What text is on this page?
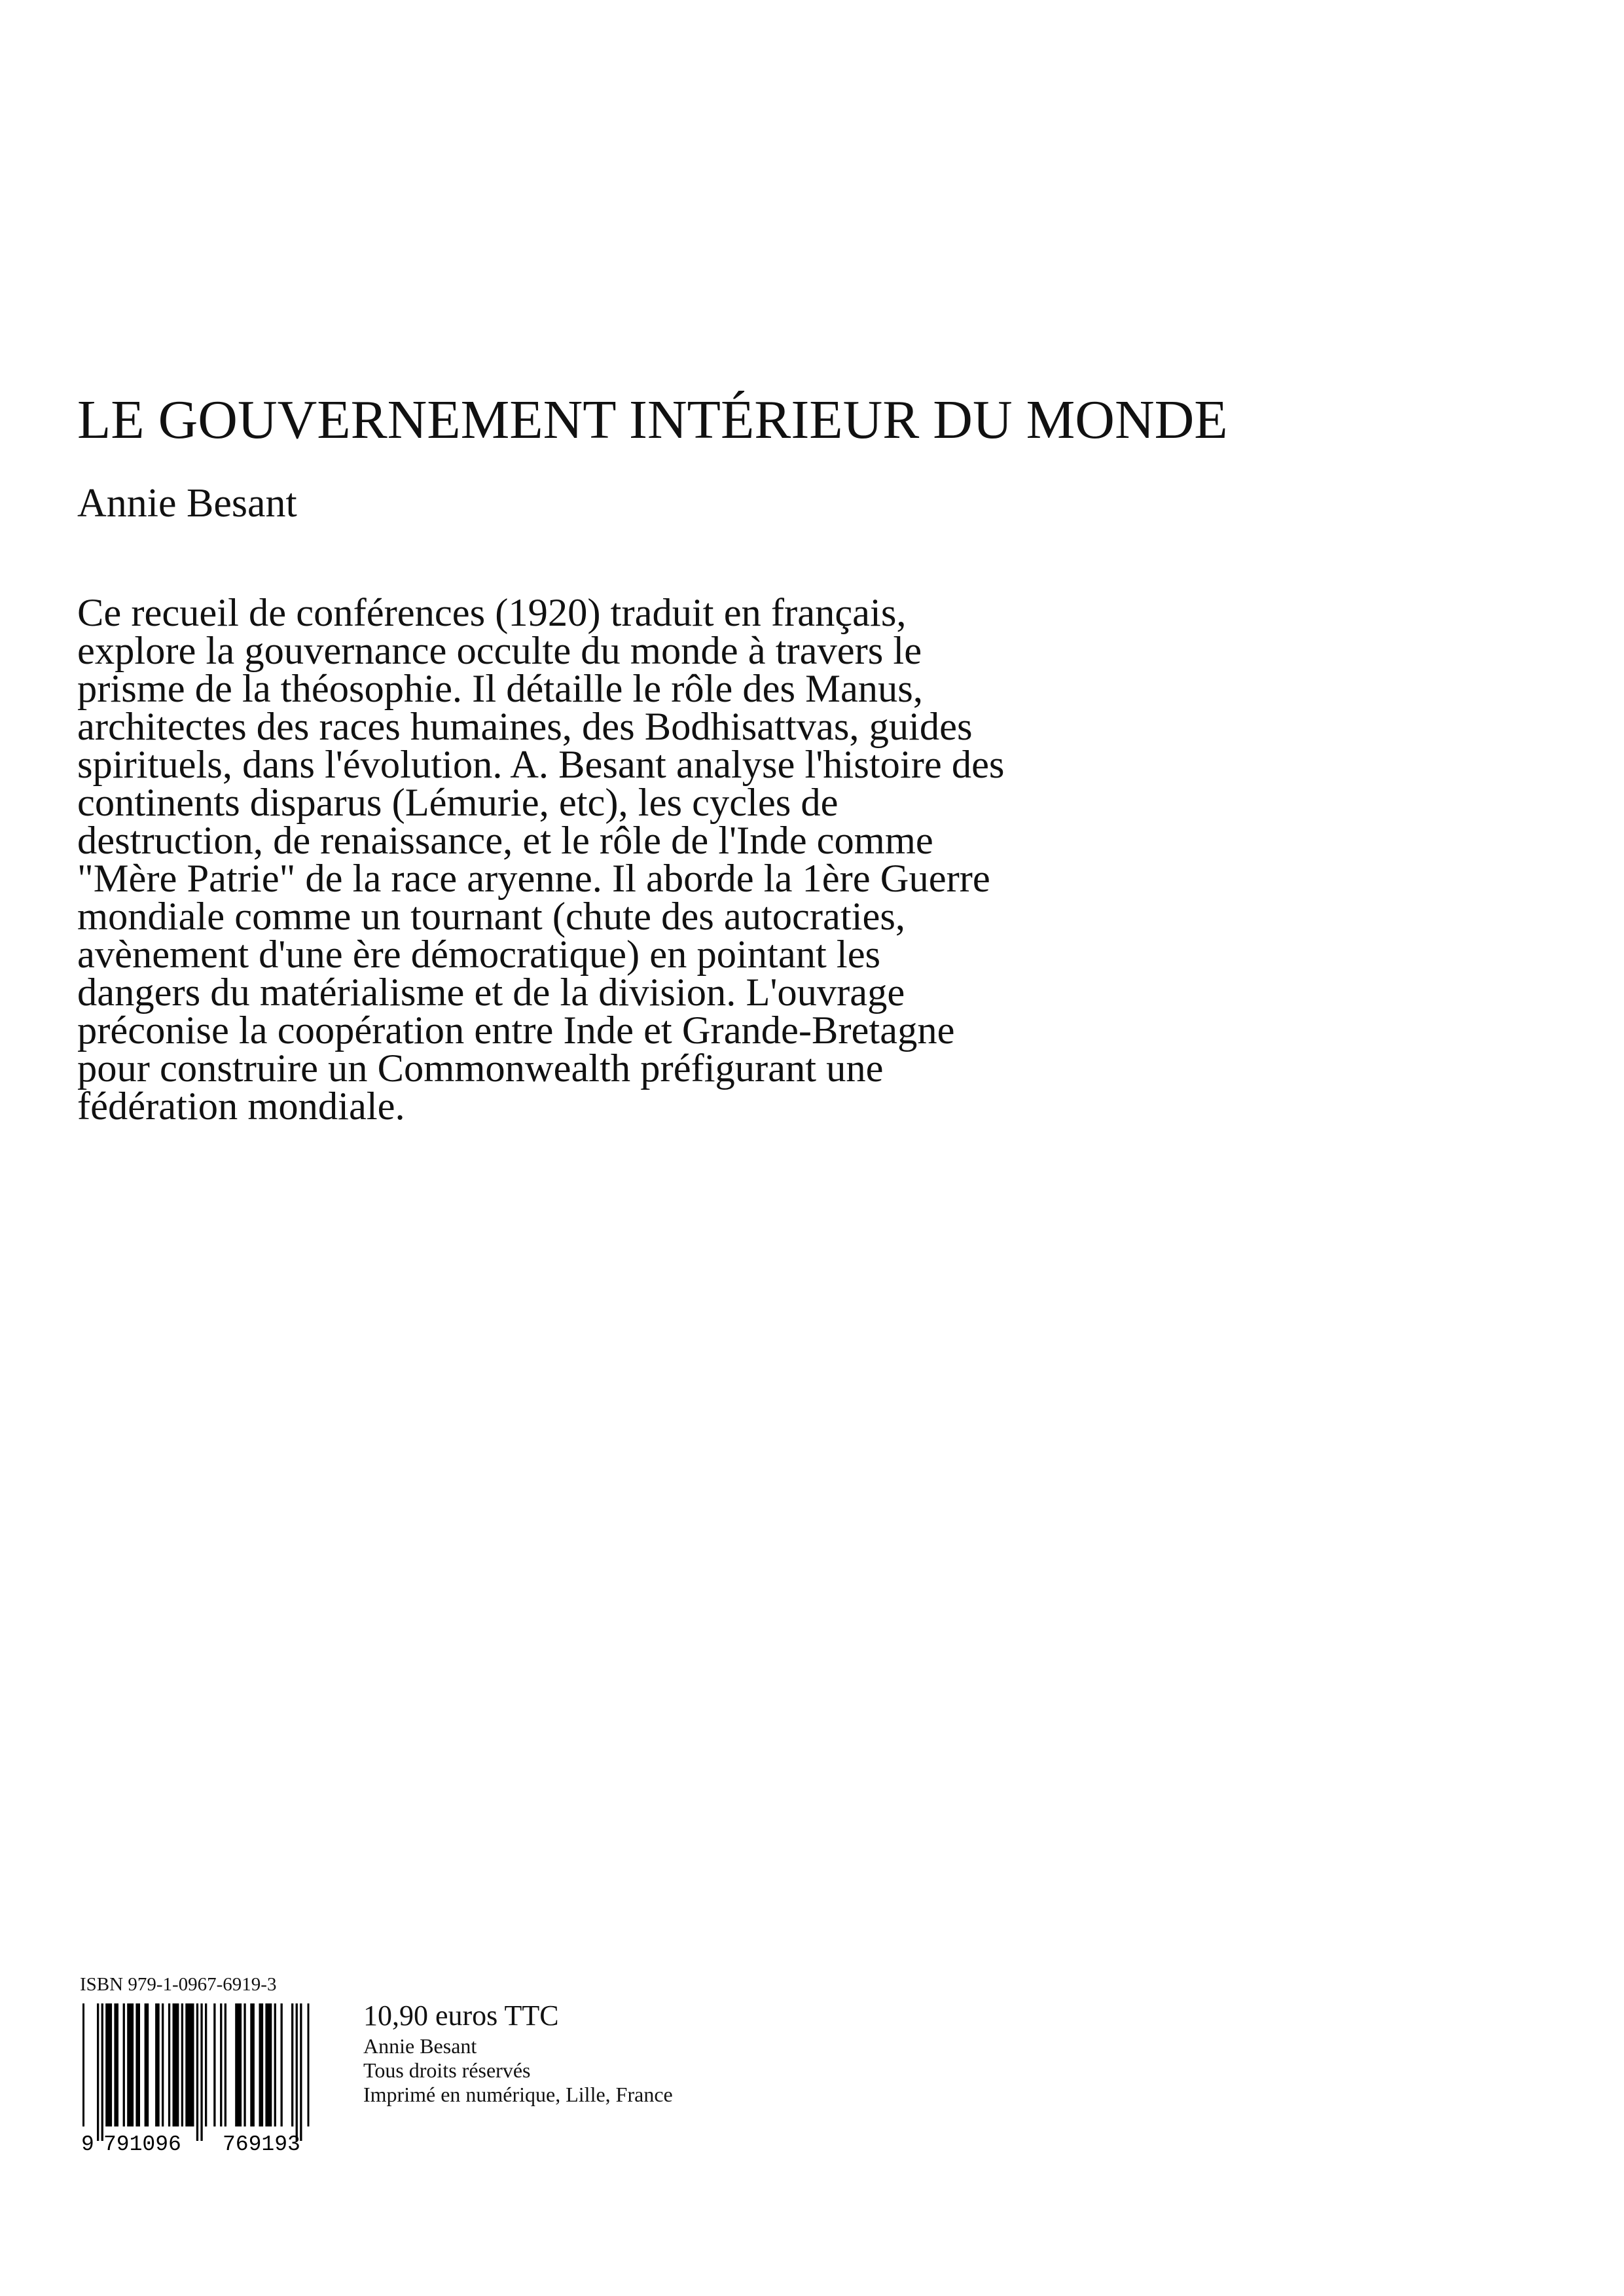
LE GOUVERNEMENT INTÉRIEUR DU MONDE

Annie Besant

Ce recueil de conférences (1920) traduit en français,
explore la gouvernance occulte du monde à travers le
prisme de la théosophie. Il détaille le rôle des Manus,
architectes des races humaines, des Bodhisattvas, guides
spirituels, dans l'évolution. A. Besant analyse l'histoire des
continents disparus (Lémurie, etc), les cycles de
destruction, de renaissance, et le rôle de l'Inde comme
"Mère Patrie" de la race aryenne. Il aborde la 1ère Guerre
mondiale comme un tournant (chute des autocraties,
avènement d'une ère démocratique) en pointant les
dangers du matérialisme et de la division. L'ouvrage
préconise la coopération entre Inde et Grande-Bretagne
pour construire un Commonwealth préfigurant une
fédération mondiale.

ISBN 979-1-0967-6919-3

9 791096 769193

10,90 euros TTC

Annie Besant

Tous droits réservés

Imprimé en numérique, Lille, France
